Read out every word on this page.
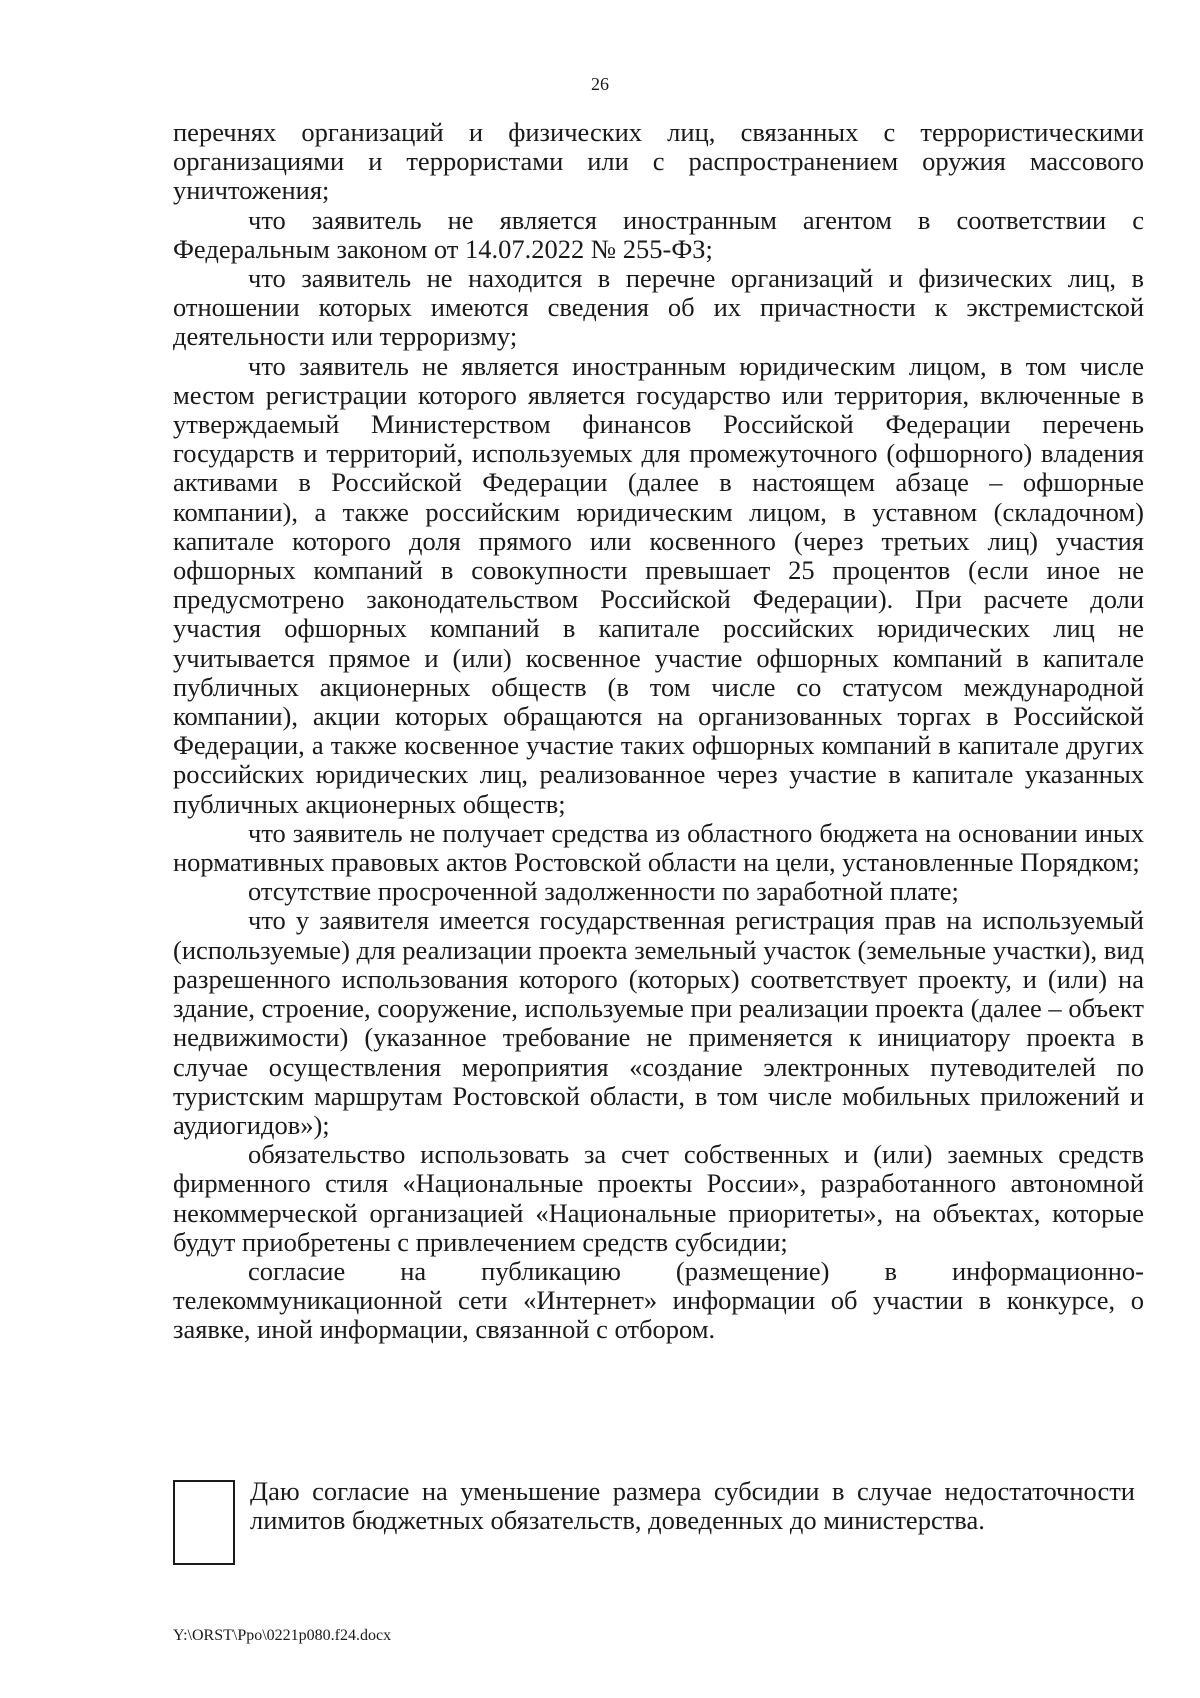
26

перечнях организаций и физических лиц, связанных с террористическими организациями и террористами или с распространением оружия массового уничтожения;

что заявитель не является иностранным агентом в соответствии с Федеральным законом от 14.07.2022 № 255-ФЗ;

что заявитель не находится в перечне организаций и физических лиц, в отношении которых имеются сведения об их причастности к экстремистской деятельности или терроризму;

что заявитель не является иностранным юридическим лицом, в том числе местом регистрации которого является государство или территория, включенные в утверждаемый Министерством финансов Российской Федерации перечень государств и территорий, используемых для промежуточного (офшорного) владения активами в Российской Федерации (далее в настоящем абзаце – офшорные компании), а также российским юридическим лицом, в уставном (складочном) капитале которого доля прямого или косвенного (через третьих лиц) участия офшорных компаний в совокупности превышает 25 процентов (если иное не предусмотрено законодательством Российской Федерации). При расчете доли участия офшорных компаний в капитале российских юридических лиц не учитывается прямое и (или) косвенное участие офшорных компаний в капитале публичных акционерных обществ (в том числе со статусом международной компании), акции которых обращаются на организованных торгах в Российской Федерации, а также косвенное участие таких офшорных компаний в капитале других российских юридических лиц, реализованное через участие в капитале указанных публичных акционерных обществ;

что заявитель не получает средства из областного бюджета на основании иных нормативных правовых актов Ростовской области на цели, установленные Порядком;

отсутствие просроченной задолженности по заработной плате;

что у заявителя имеется государственная регистрация прав на используемый (используемые) для реализации проекта земельный участок (земельные участки), вид разрешенного использования которого (которых) соответствует проекту, и (или) на здание, строение, сооружение, используемые при реализации проекта (далее – объект недвижимости) (указанное требование не применяется к инициатору проекта в случае осуществления мероприятия «создание электронных путеводителей по туристским маршрутам Ростовской области, в том числе мобильных приложений и аудиогидов»);

обязательство использовать за счет собственных и (или) заемных средств фирменного стиля «Национальные проекты России», разработанного автономной некоммерческой организацией «Национальные приоритеты», на объектах, которые будут приобретены с привлечением средств субсидии;

согласие на публикацию (размещение) в информационно-телекоммуникационной сети «Интернет» информации об участии в конкурсе, о заявке, иной информации, связанной с отбором.

Даю согласие на уменьшение размера субсидии в случае недостаточности лимитов бюджетных обязательств, доведенных до министерства.
Y:\ORST\Ppo\0221p080.f24.docx
